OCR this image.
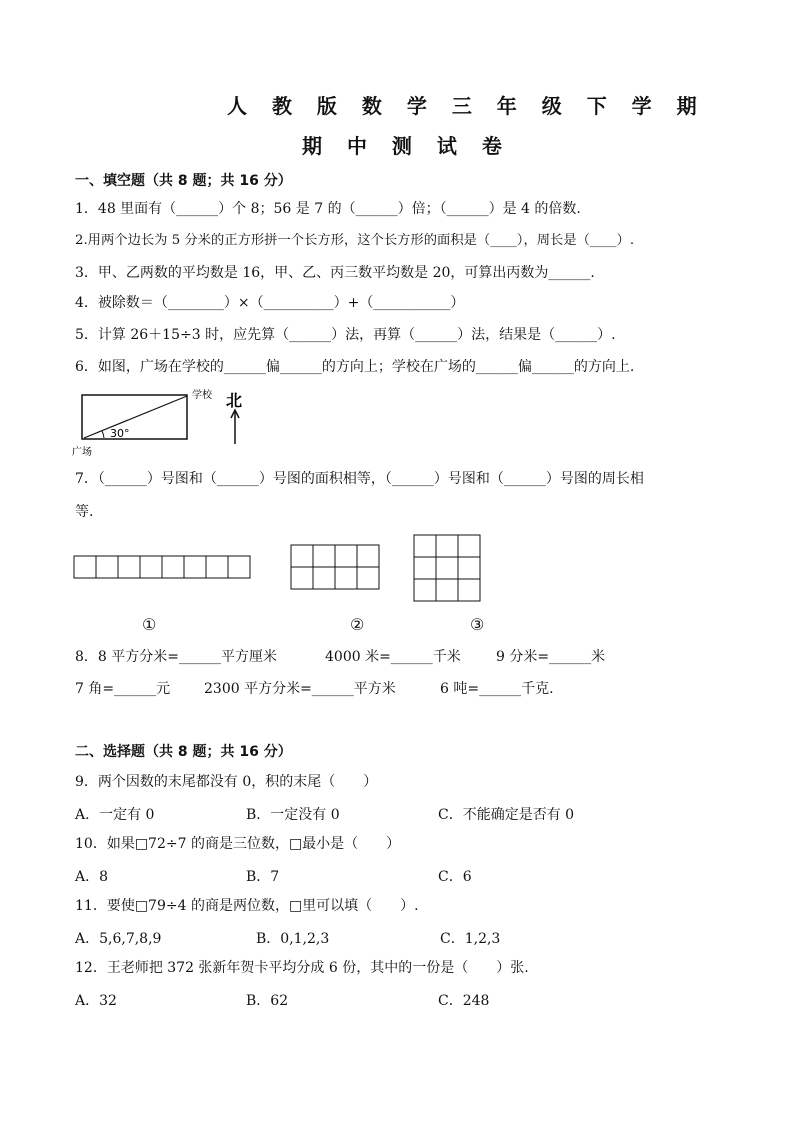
人 教 版 数 学 三 年 级 下 学 期
期 中 测 试 卷
一、填空题（共 8 题；共 16 分）
1．48 里面有（______）个 8；56 是 7 的（______）倍；（______）是 4 的倍数.
2.用两个边长为 5 分米的正方形拼一个长方形，这个长方形的面积是（____），周长是（____）.
3．甲、乙两数的平均数是 16，甲、乙、丙三数平均数是 20，可算出丙数为______.
4．被除数＝（________）×（__________）+（___________）
5．计算 26＋15÷3 时，应先算（______）法，再算（______）法，结果是（______）.
6．如图，广场在学校的______偏______的方向上；学校在广场的______偏______的方向上.
30°
学校
广场
北
7．（______）号图和（______）号图的面积相等，（______）号图和（______）号图的周长相
等.
①	②	③
8．8 平方分米=______平方厘米	4000 米=______千米	9 分米=______米
7 角=______元 2300 平方分米=______平方米	6 吨=______千克.
二、选择题（共 8 题；共 16 分）
9．两个因数的末尾都没有 0，积的末尾（　　）
A．一定有 0	B．一定没有 0	C．不能确定是否有 0
10．如果□72÷7 的商是三位数，□最小是（　　）
A．8	B．7	C．6
11．要使□79÷4 的商是两位数，□里可以填（　　）.
A．5,6,7,8,9	B．0,1,2,3	C．1,2,3
12．王老师把 372 张新年贺卡平均分成 6 份，其中的一份是（　　）张.
A．32	B．62	C．248
